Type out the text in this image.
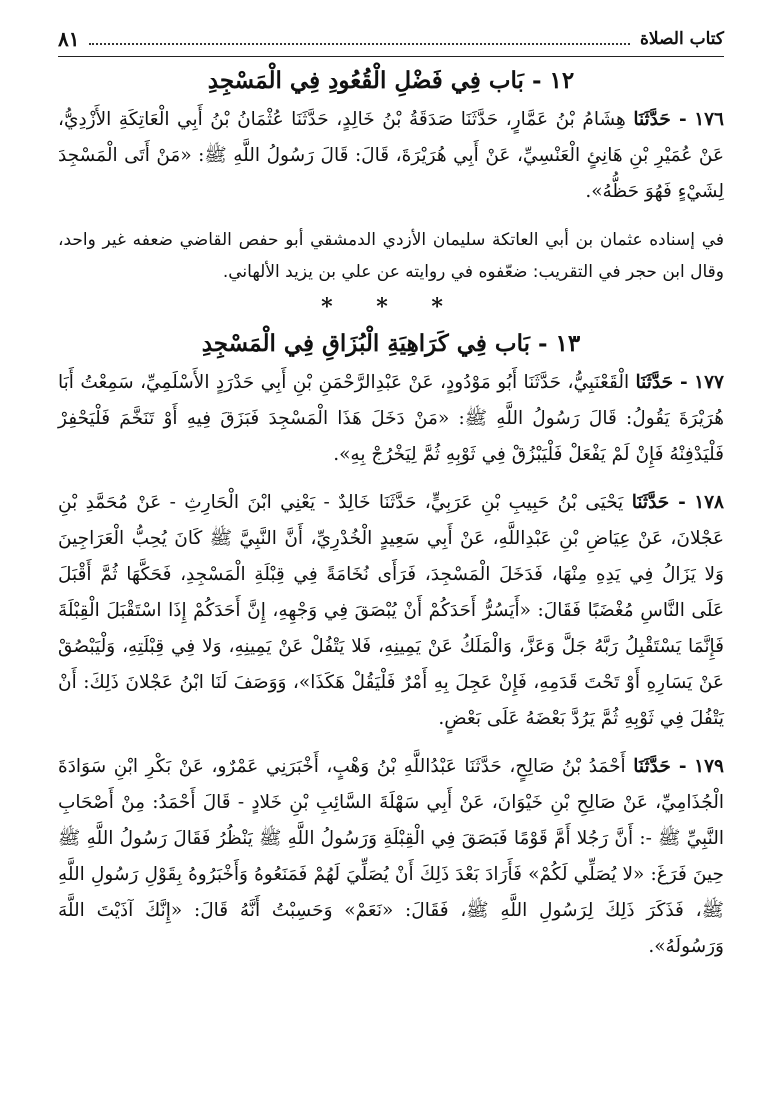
كتاب الصلاة
٨١
١٢ - بَاب فِي فَضْلِ الْقُعُودِ فِي الْمَسْجِدِ

١٧٦ - حَدَّثَنَا هِشَامُ بْنُ عَمَّارٍ، حَدَّثَنَا صَدَقَةُ بْنُ خَالِدٍ، حَدَّثَنَا عُثْمَانُ بْنُ أَبِي الْعَاتِكَةِ الأَزْدِيُّ، عَنْ عُمَيْرِ بْنِ هَانِئٍ الْعَنْسِيِّ، عَنْ أَبِي هُرَيْرَةَ، قَالَ: قَالَ رَسُولُ اللَّهِ ﷺ: «مَنْ أَتَى الْمَسْجِدَ لِشَيْءٍ فَهُوَ حَظُّهُ».

في إسناده عثمان بن أبي العاتكة سليمان الأزدي الدمشقي أبو حفص القاضي ضعفه غير واحد، وقال ابن حجر في التقريب: ضعّفوه في روايته عن علي بن يزيد الألهاني.

* * *
١٣ - بَاب فِي كَرَاهِيَةِ الْبُزَاقِ فِي الْمَسْجِدِ

١٧٧ - حَدَّثَنَا الْقَعْنَبِيُّ، حَدَّثَنَا أَبُو مَوْدُودٍ، عَنْ عَبْدِالرَّحْمَنِ بْنِ أَبِي حَدْرَدٍ الأَسْلَمِيِّ، سَمِعْتُ أَبَا هُرَيْرَةَ يَقُولُ: قَالَ رَسُولُ اللَّهِ ﷺ: «مَنْ دَخَلَ هَذَا الْمَسْجِدَ فَبَزَقَ فِيهِ أَوْ تَنَخَّمَ فَلْيَحْفِرْ فَلْيَدْفِنْهُ فَإِنْ لَمْ يَفْعَلْ فَلْيَبْزُقْ فِي ثَوْبِهِ ثُمَّ لِيَخْرُجْ بِهِ».

١٧٨ - حَدَّثَنَا يَحْيَى بْنُ حَبِيبِ بْنِ عَرَبِيٍّ، حَدَّثَنَا خَالِدٌ - يَعْنِي ابْنَ الْحَارِثِ - عَنْ مُحَمَّدِ بْنِ عَجْلانَ، عَنْ عِيَاضِ بْنِ عَبْدِاللَّهِ، عَنْ أَبِي سَعِيدٍ الْخُدْرِيِّ، أَنَّ النَّبِيَّ ﷺ كَانَ يُحِبُّ الْعَرَاجِينَ وَلا يَزَالُ فِي يَدِهِ مِنْهَا، فَدَخَلَ الْمَسْجِدَ، فَرَأَى نُخَامَةً فِي قِبْلَةِ الْمَسْجِدِ، فَحَكَّهَا ثُمَّ أَقْبَلَ عَلَى النَّاسِ مُغْضَبًا فَقَالَ: «أَيَسُرُّ أَحَدَكُمْ أَنْ يُبْصَقَ فِي وَجْهِهِ، إِنَّ أَحَدَكُمْ إِذَا اسْتَقْبَلَ الْقِبْلَةَ فَإِنَّمَا يَسْتَقْبِلُ رَبَّهُ جَلَّ وَعَزَّ، وَالْمَلَكُ عَنْ يَمِينِهِ، فَلا يَتْفُلْ عَنْ يَمِينِهِ، وَلا فِي قِبْلَتِهِ، وَلْيَبْصُقْ عَنْ يَسَارِهِ أَوْ تَحْتَ قَدَمِهِ، فَإِنْ عَجِلَ بِهِ أَمْرٌ فَلْيَقُلْ هَكَذَا»، وَوَصَفَ لَنَا ابْنُ عَجْلانَ ذَلِكَ: أَنْ يَتْفُلَ فِي ثَوْبِهِ ثُمَّ يَرُدَّ بَعْضَهُ عَلَى بَعْضٍ.

١٧٩ - حَدَّثَنَا أَحْمَدُ بْنُ صَالِحٍ، حَدَّثَنَا عَبْدُاللَّهِ بْنُ وَهْبٍ، أَخْبَرَنِي عَمْرٌو، عَنْ بَكْرِ ابْنِ سَوَادَةَ الْجُذَامِيِّ، عَنْ صَالِحِ بْنِ خَيْوَانَ، عَنْ أَبِي سَهْلَةَ السَّائِبِ بْنِ خَلادٍ - قَالَ أَحْمَدُ: مِنْ أَصْحَابِ النَّبِيِّ ﷺ -: أَنَّ رَجُلا أَمَّ قَوْمًا فَبَصَقَ فِي الْقِبْلَةِ وَرَسُولُ اللَّهِ ﷺ يَنْظُرُ فَقَالَ رَسُولُ اللَّهِ ﷺ حِينَ فَرَغَ: «لا يُصَلِّي لَكُمْ» فَأَرَادَ بَعْدَ ذَلِكَ أَنْ يُصَلِّيَ لَهُمْ فَمَنَعُوهُ وَأَخْبَرُوهُ بِقَوْلِ رَسُولِ اللَّهِ ﷺ، فَذَكَرَ ذَلِكَ لِرَسُولِ اللَّهِ ﷺ، فَقَالَ: «نَعَمْ» وَحَسِبْتُ أَنَّهُ قَالَ: «إِنَّكَ آذَيْتَ اللَّهَ وَرَسُولَهُ».
